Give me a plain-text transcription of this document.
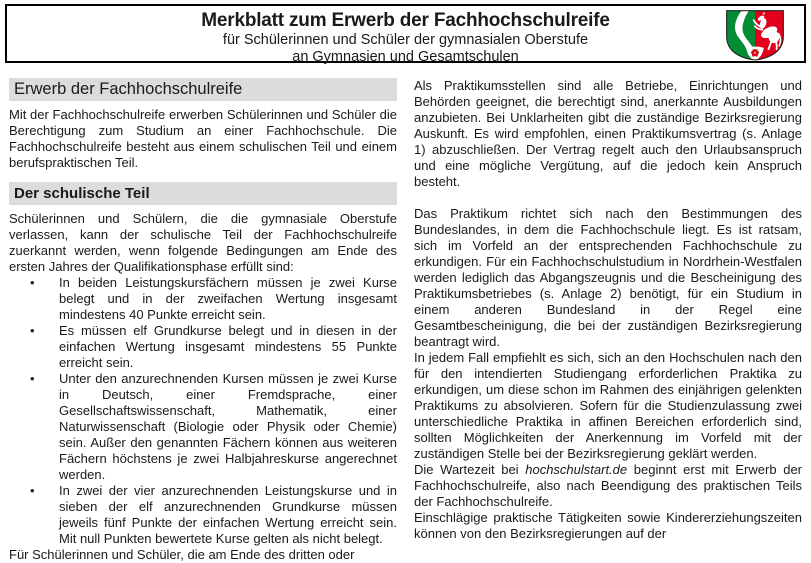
Merkblatt zum Erwerb der Fachhochschulreife
für Schülerinnen und Schüler der gymnasialen Oberstufe
an Gymnasien und Gesamtschulen
Erwerb der Fachhochschulreife

Mit der Fachhochschulreife erwerben Schülerinnen und Schüler die Berechtigung zum Studium an einer Fachhochschule. Die Fachhochschulreife besteht aus einem schulischen Teil und einem berufspraktischen Teil.

Der schulische Teil

Schülerinnen und Schülern, die die gymnasiale Oberstufe verlassen, kann der schulische Teil der Fachhochschulreife zuerkannt werden, wenn folgende Bedingungen am Ende des ersten Jahres der Qualifikationsphase erfüllt sind:

• In beiden Leistungskursfächern müssen je zwei Kurse belegt und in der zweifachen Wertung insgesamt mindestens 40 Punkte erreicht sein.
• Es müssen elf Grundkurse belegt und in diesen in der einfachen Wertung insgesamt mindestens 55 Punkte erreicht sein.
• Unter den anzurechnenden Kursen müssen je zwei Kurse in Deutsch, einer Fremdsprache, einer Gesellschaftswissenschaft, Mathematik, einer Naturwissenschaft (Biologie oder Physik oder Chemie) sein. Außer den genannten Fächern können aus weiteren Fächern höchstens je zwei Halbjahreskurse angerechnet werden.
• In zwei der vier anzurechnenden Leistungskurse und in sieben der elf anzurechnenden Grundkurse müssen jeweils fünf Punkte der einfachen Wertung erreicht sein. Mit null Punkten bewertete Kurse gelten als nicht belegt.

Für Schülerinnen und Schüler, die am Ende des dritten oder

Als Praktikumsstellen sind alle Betriebe, Einrichtungen und Behörden geeignet, die berechtigt sind, anerkannte Ausbildungen anzubieten. Bei Unklarheiten gibt die zuständige Bezirksregierung Auskunft. Es wird empfohlen, einen Praktikumsvertrag (s. Anlage 1) abzuschließen. Der Vertrag regelt auch den Urlaubsanspruch und eine mögliche Vergütung, auf die jedoch kein Anspruch besteht.

Das Praktikum richtet sich nach den Bestimmungen des Bundeslandes, in dem die Fachhochschule liegt. Es ist ratsam, sich im Vorfeld an der entsprechenden Fachhochschule zu erkundigen. Für ein Fachhochschulstudium in Nordrhein-Westfalen werden lediglich das Abgangszeugnis und die Bescheinigung des Praktikumsbetriebes (s. Anlage 2) benötigt, für ein Studium in einem anderen Bundesland in der Regel eine Gesamtbescheinigung, die bei der zuständigen Bezirksregierung beantragt wird.

In jedem Fall empfiehlt es sich, sich an den Hochschulen nach den für den intendierten Studiengang erforderlichen Praktika zu erkundigen, um diese schon im Rahmen des einjährigen gelenkten Praktikums zu absolvieren. Sofern für die Studienzulassung zwei unterschiedliche Praktika in affinen Bereichen erforderlich sind, sollten Möglichkeiten der Anerkennung im Vorfeld mit der zuständigen Stelle bei der Bezirksregierung geklärt werden.

Die Wartezeit bei hochschulstart.de beginnt erst mit Erwerb der Fachhochschulreife, also nach Beendigung des praktischen Teils der Fachhochschulreife.

Einschlägige praktische Tätigkeiten sowie Kindererziehungszeiten können von den Bezirksregierungen auf der
